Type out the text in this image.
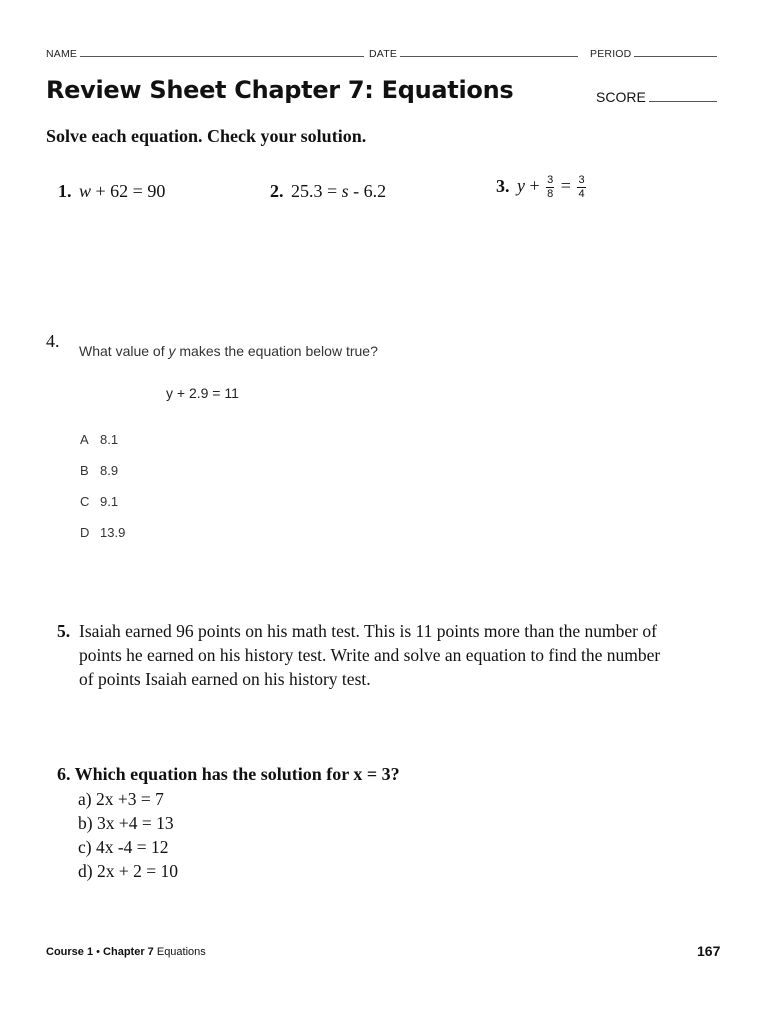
NAME	DATE	PERIOD
Review Sheet Chapter 7: Equations	SCORE
Solve each equation. Check your solution.
1. w + 62 = 90	2. 25.3 = s - 6.2	3. $y + \frac{3}{8} = \frac{3}{4}$
4. What value of y makes the equation below true?
y + 2.9 = 11
A 8.1
B 8.9
C 9.1
D 13.9
5. Isaiah earned 96 points on his math test. This is 11 points more than the number of points he earned on his history test. Write and solve an equation to find the number of points Isaiah earned on his history test.
6. Which equation has the solution for x = 3?
a) 2x +3 = 7
b) 3x +4 = 13
c) 4x -4 = 12
d) 2x + 2 = 10
Course 1 • Chapter 7 Equations	167
